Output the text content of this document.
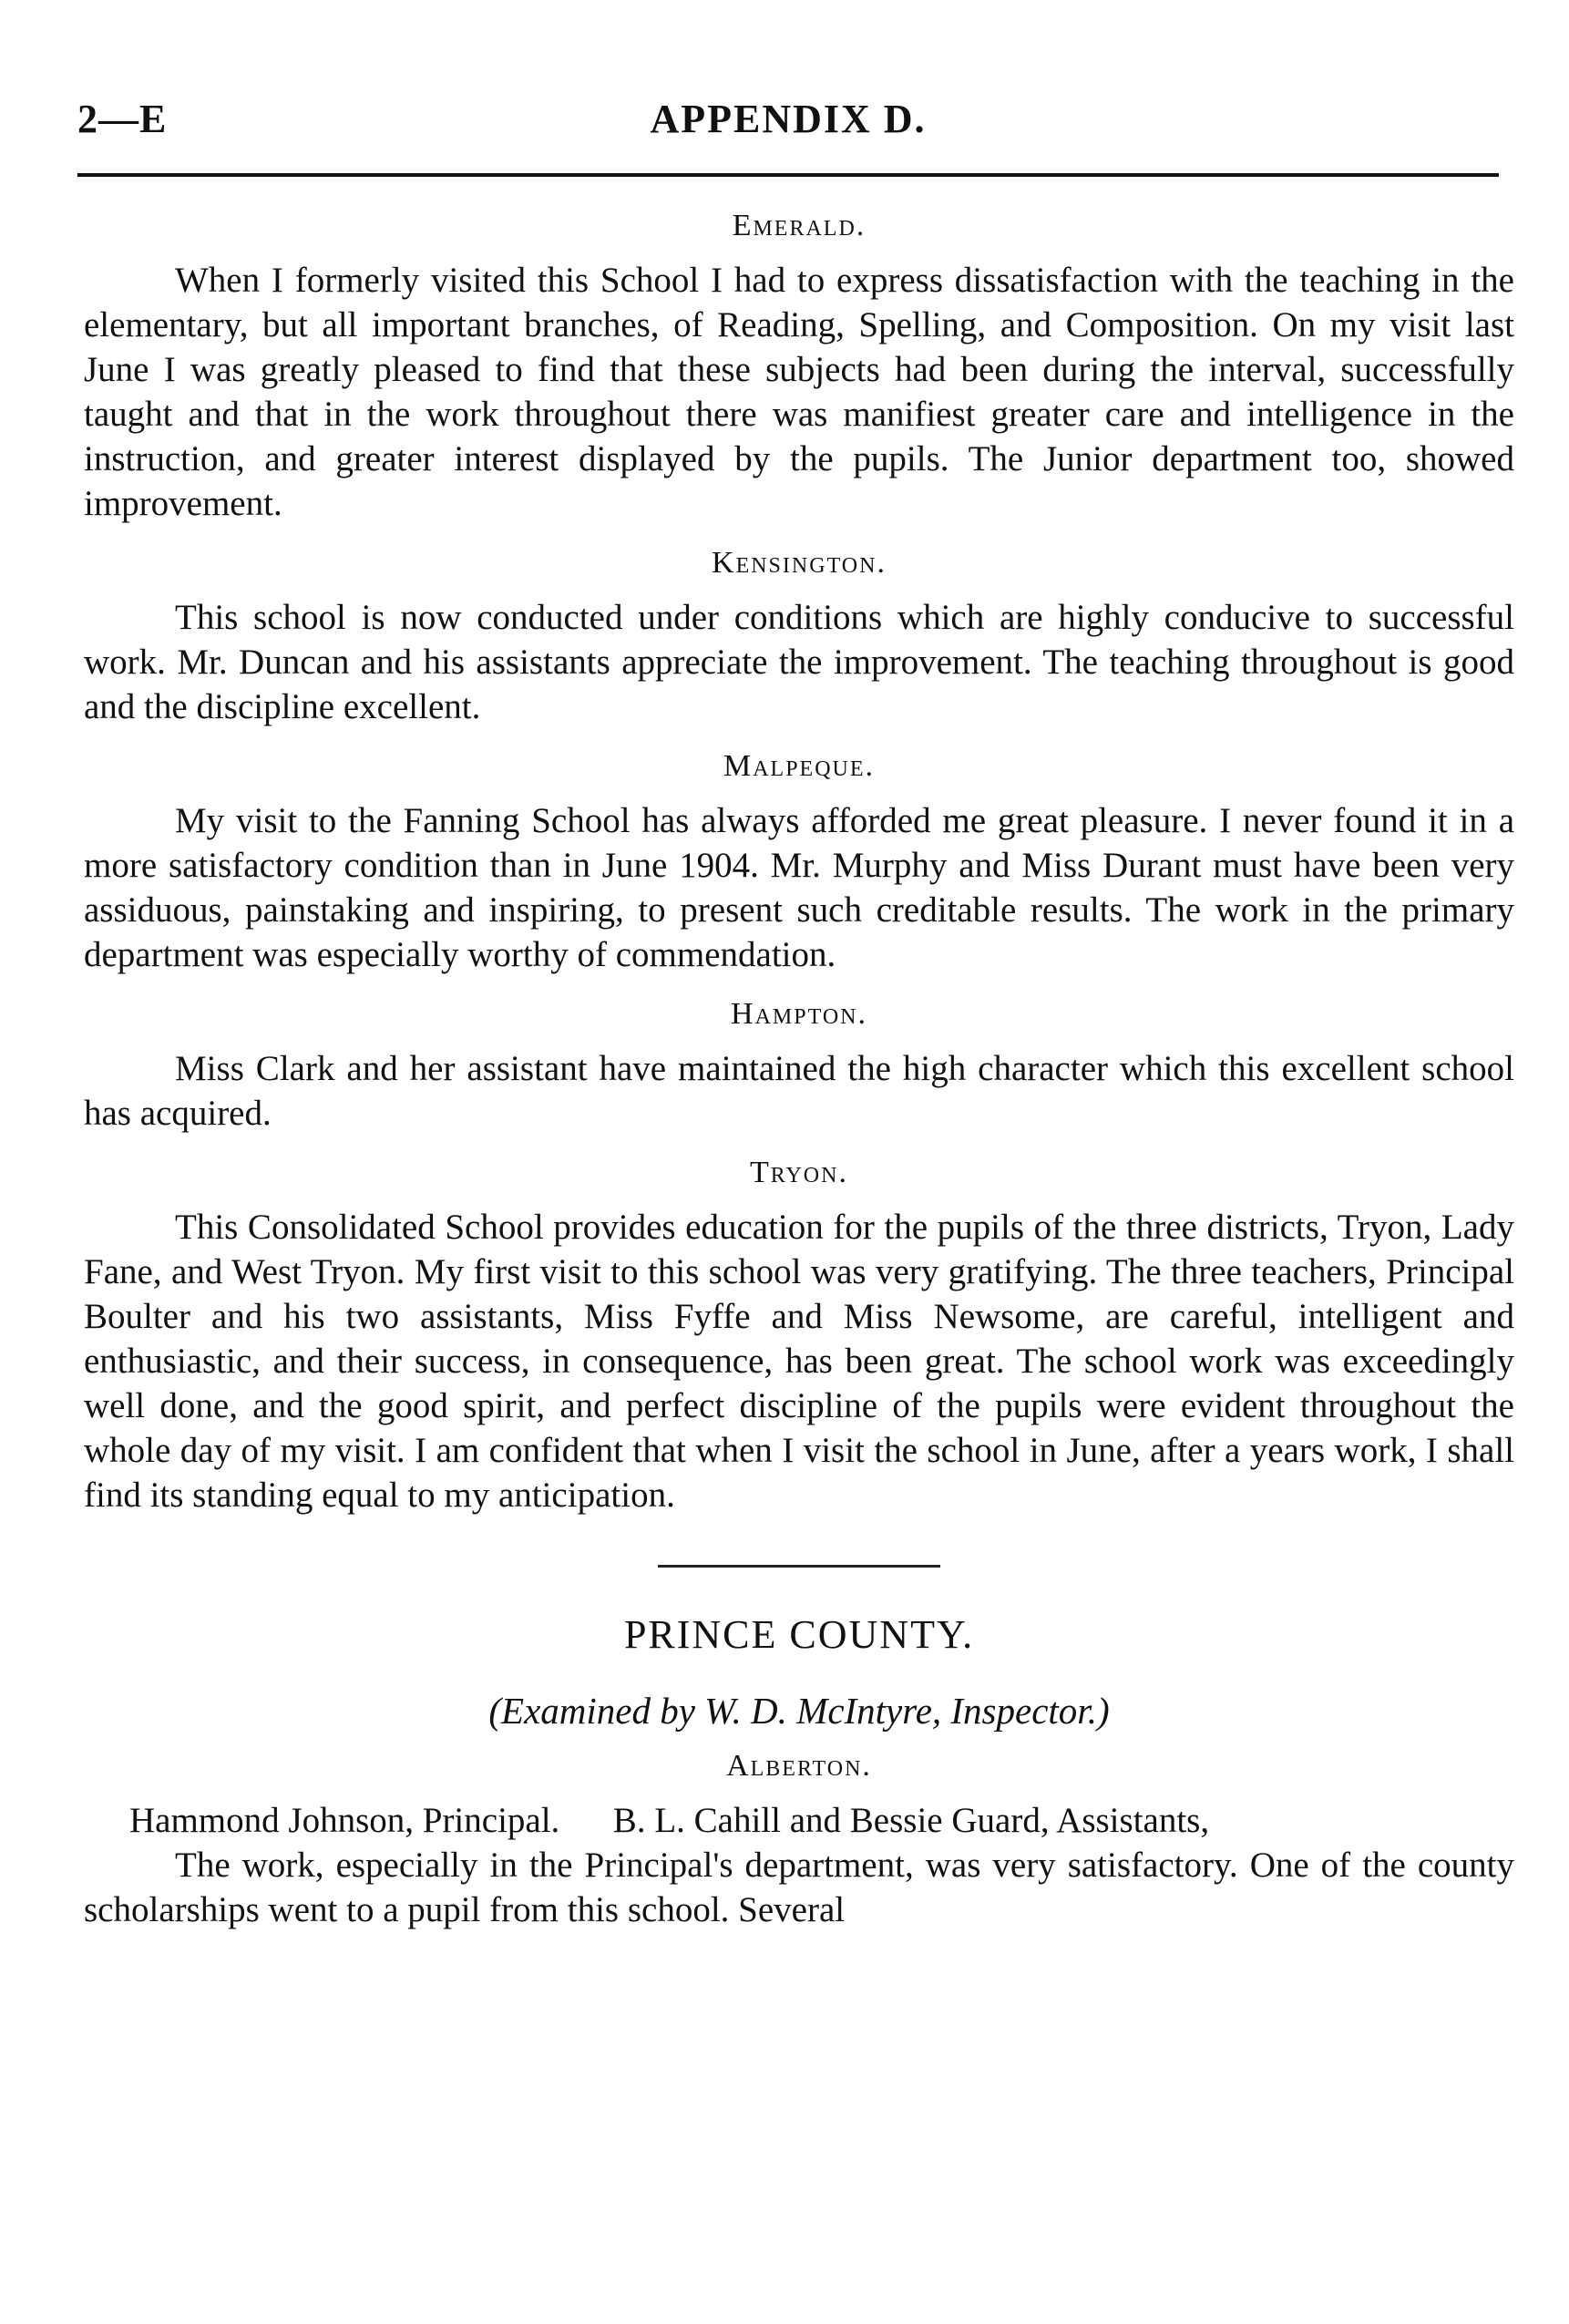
2—E	APPENDIX D.
Emerald.

When I formerly visited this School I had to express dissatisfaction with the teaching in the elementary, but all important branches, of Reading, Spelling, and Composition. On my visit last June I was greatly pleased to find that these subjects had been during the interval, successfully taught and that in the work throughout there was manifiest greater care and intelligence in the instruction, and greater interest displayed by the pupils. The Junior department too, showed improvement.

Kensington.

This school is now conducted under conditions which are highly conducive to successful work. Mr. Duncan and his assistants appreciate the improvement. The teaching throughout is good and the discipline excellent.

Malpeque.

My visit to the Fanning School has always afforded me great pleasure. I never found it in a more satisfactory condition than in June 1904. Mr. Murphy and Miss Durant must have been very assiduous, painstaking and inspiring, to present such creditable results. The work in the primary department was especially worthy of commendation.

Hampton.

Miss Clark and her assistant have maintained the high character which this excellent school has acquired.

Tryon.

This Consolidated School provides education for the pupils of the three districts, Tryon, Lady Fane, and West Tryon. My first visit to this school was very gratifying. The three teachers, Principal Boulter and his two assistants, Miss Fyffe and Miss Newsome, are careful, intelligent and enthusiastic, and their success, in consequence, has been great. The school work was exceedingly well done, and the good spirit, and perfect discipline of the pupils were evident throughout the whole day of my visit. I am confident that when I visit the school in June, after a years work, I shall find its standing equal to my anticipation.

PRINCE COUNTY.
(Examined by W. D. McIntyre, Inspector.)
Alberton.

Hammond Johnson, Principal.      B. L. Cahill and Bessie Guard, Assistants,

The work, especially in the Principal's department, was very satisfactory. One of the county scholarships went to a pupil from this school. Several
